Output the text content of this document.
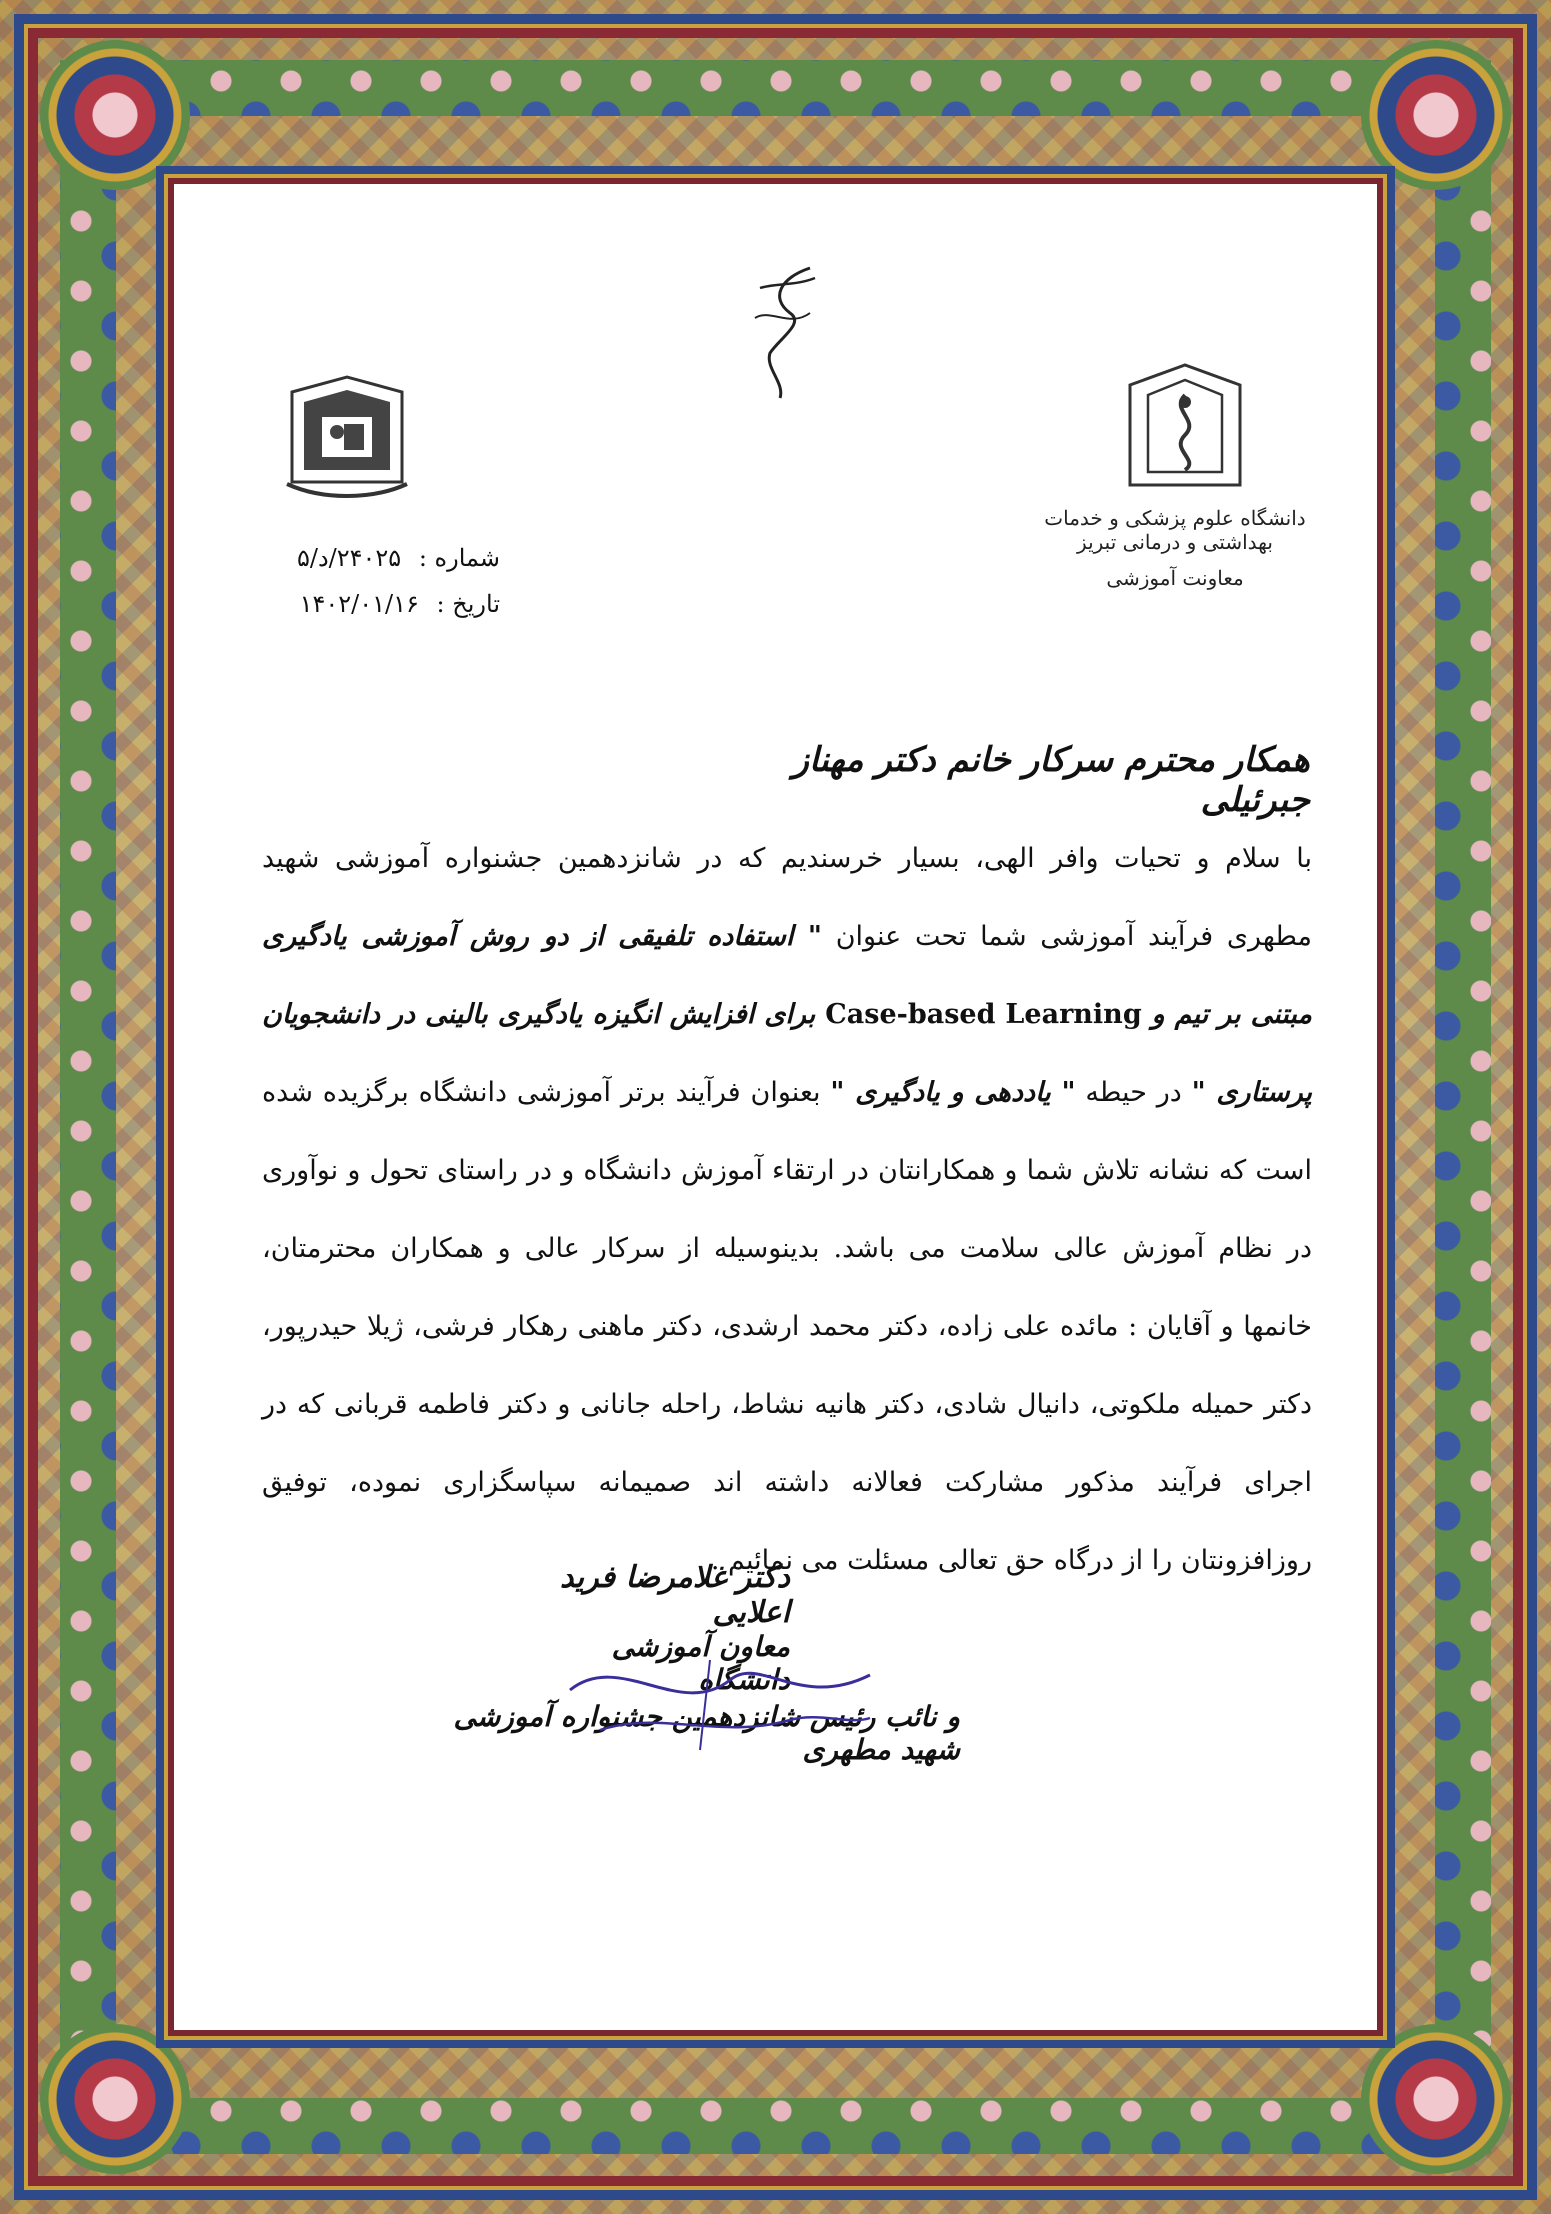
دانشگاه علوم پزشکی و خدمات بهداشتی و درمانی تبریز
معاونت آموزشی
شماره : ۲۴۰۲۵/د/۵
تاریخ : ۱۴۰۲/۰۱/۱۶
همکار محترم سرکار خانم دکتر مهناز جبرئیلی
با سلام و تحیات وافر الهی، بسیار خرسندیم که در شانزدهمین جشنواره آموزشی شهید مطهری فرآیند آموزشی شما تحت عنوان " استفاده تلفیقی از دو روش آموزشی یادگیری مبتنی بر تیم و Case-based Learning برای افزایش انگیزه یادگیری بالینی در دانشجویان پرستاری " در حیطه " یاددهی و یادگیری " بعنوان فرآیند برتر آموزشی دانشگاه برگزیده شده است که نشانه تلاش شما و همکارانتان در ارتقاء آموزش دانشگاه و در راستای تحول و نوآوری در نظام آموزش عالی سلامت می باشد. بدینوسیله از سرکار عالی و همکاران محترمتان، خانمها و آقایان : مائده علی زاده، دکتر محمد ارشدی، دکتر ماهنی رهکار فرشی، ژیلا حیدرپور، دکتر حمیله ملکوتی، دانیال شادی، دکتر هانیه نشاط، راحله جانانی و دکتر فاطمه قربانی که در اجرای فرآیند مذکور مشارکت فعالانه داشته اند صمیمانه سپاسگزاری نموده، توفیق روزافزونتان را از درگاه حق تعالی مسئلت می نمائیم .
دکتر غلامرضا فرید اعلایی
معاون آموزشی دانشگاه
و نائب رئیس شانزدهمین جشنواره آموزشی شهید مطهری
